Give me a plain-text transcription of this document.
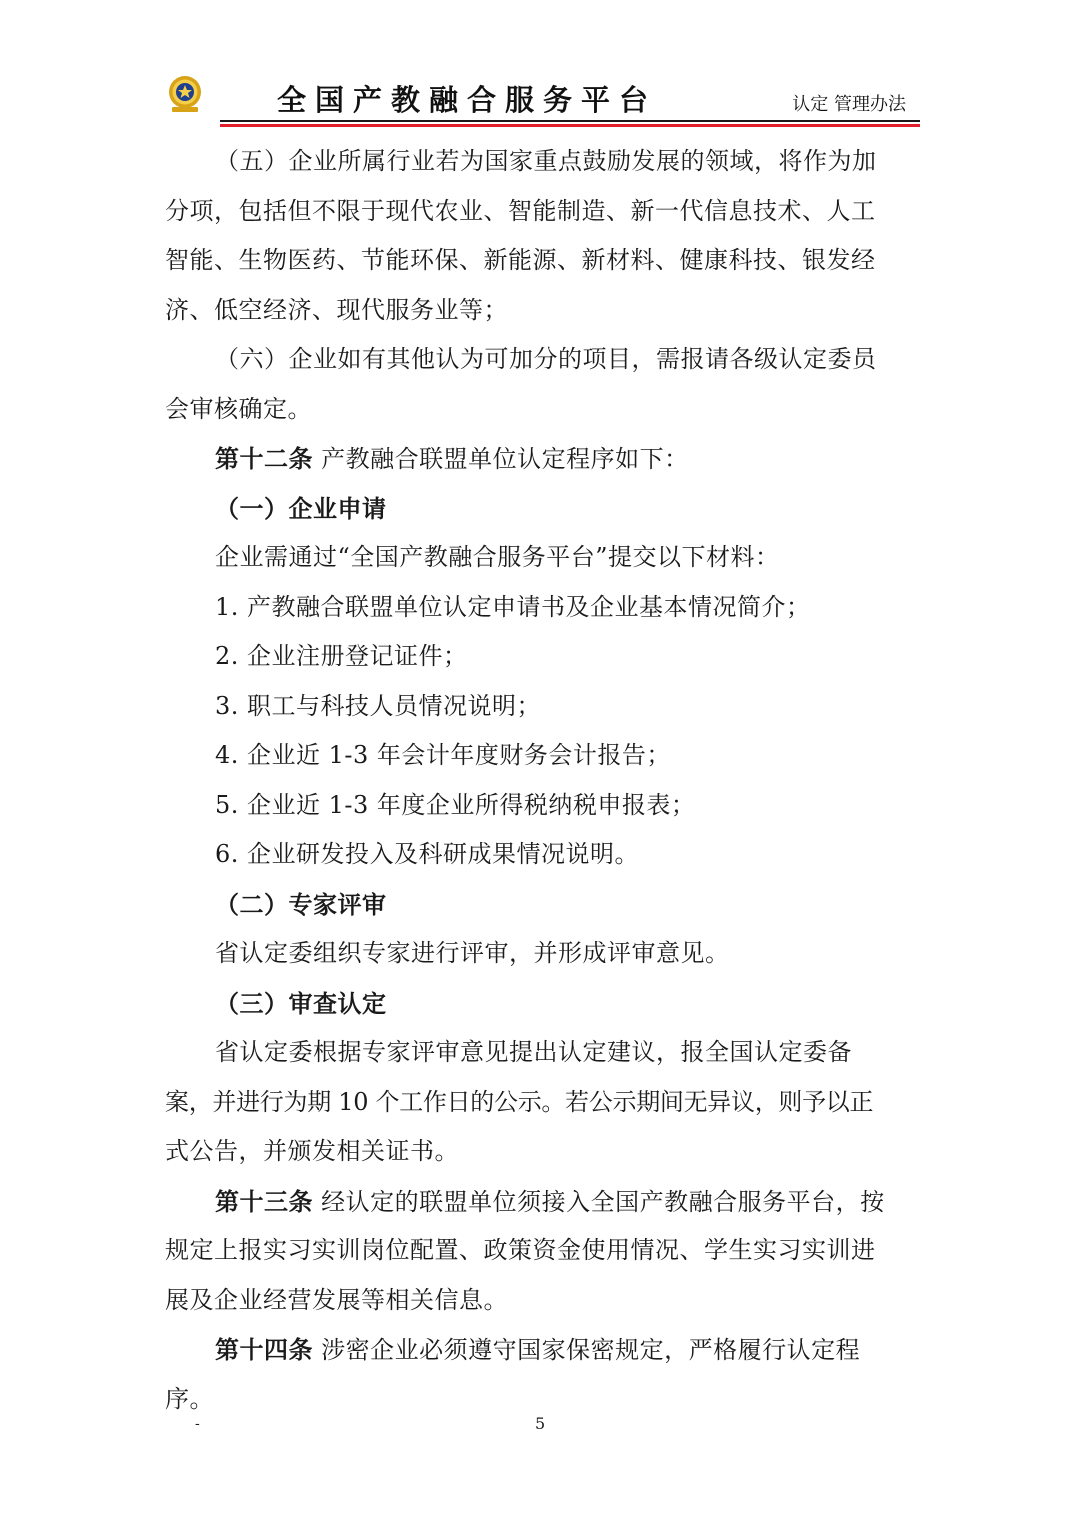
全国产教融合服务平台	认定 管理办法
（五）企业所属行业若为国家重点鼓励发展的领域，将作为加
分项，包括但不限于现代农业、智能制造、新一代信息技术、人工
智能、生物医药、节能环保、新能源、新材料、健康科技、银发经
济、低空经济、现代服务业等；
（六）企业如有其他认为可加分的项目，需报请各级认定委员
会审核确定。
第十二条 产教融合联盟单位认定程序如下：
（一）企业申请
企业需通过“全国产教融合服务平台”提交以下材料：
1. 产教融合联盟单位认定申请书及企业基本情况简介；
2. 企业注册登记证件；
3. 职工与科技人员情况说明；
4. 企业近 1-3 年会计年度财务会计报告；
5. 企业近 1-3 年度企业所得税纳税申报表；
6. 企业研发投入及科研成果情况说明。
（二）专家评审
省认定委组织专家进行评审，并形成评审意见。
（三）审查认定
省认定委根据专家评审意见提出认定建议，报全国认定委备
案，并进行为期 10 个工作日的公示。若公示期间无异议，则予以正
式公告，并颁发相关证书。
第十三条 经认定的联盟单位须接入全国产教融合服务平台，按
规定上报实习实训岗位配置、政策资金使用情况、学生实习实训进
展及企业经营发展等相关信息。
第十四条 涉密企业必须遵守国家保密规定，严格履行认定程
序。
-	5
